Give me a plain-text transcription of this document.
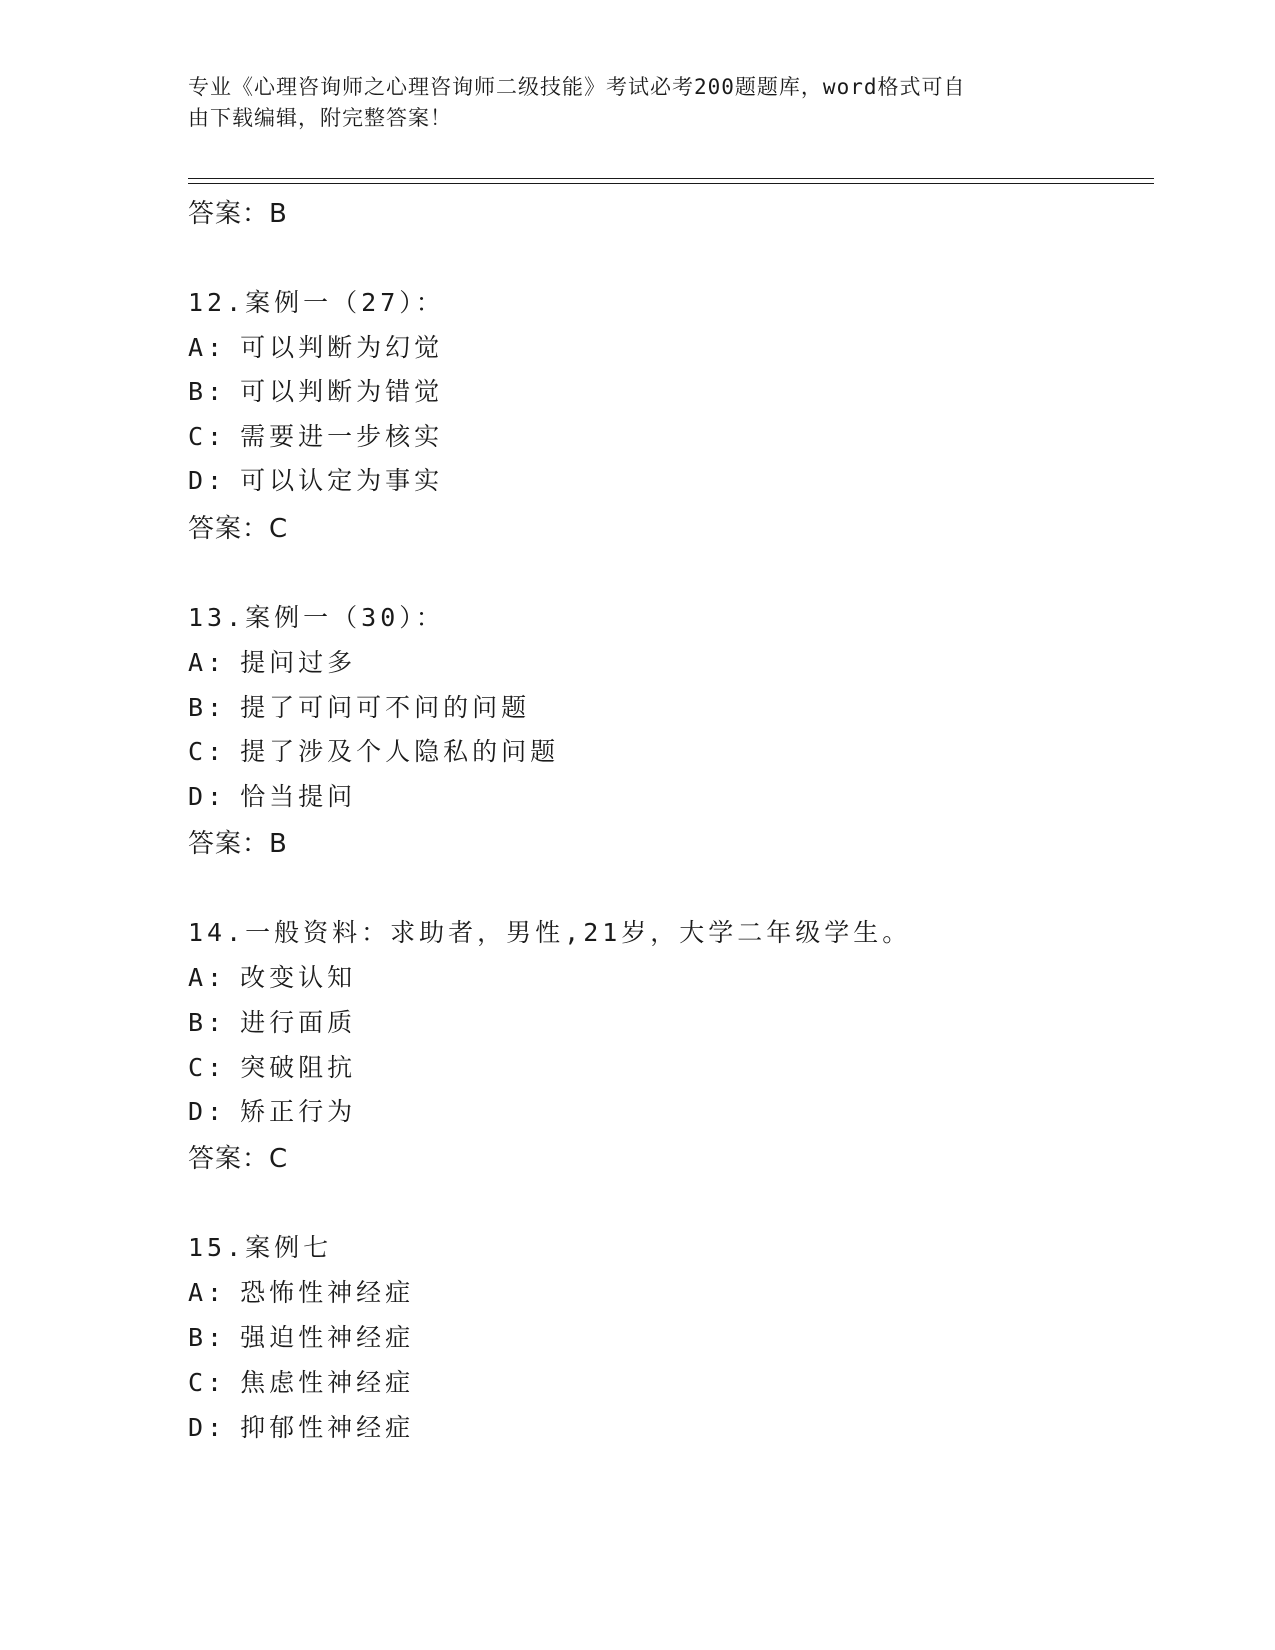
专业《心理咨询师之心理咨询师二级技能》考试必考200题题库，word格式可自
由下载编辑，附完整答案！
答案：B
12.案例一（27）：
A: 可以判断为幻觉
B: 可以判断为错觉
C: 需要进一步核实
D: 可以认定为事实
答案：C
13.案例一（30）：
A: 提问过多
B: 提了可问可不问的问题
C: 提了涉及个人隐私的问题
D: 恰当提问
答案：B
14.一般资料：求助者，男性,21岁，大学二年级学生。
A: 改变认知
B: 进行面质
C: 突破阻抗
D: 矫正行为
答案：C
15.案例七
A: 恐怖性神经症
B: 强迫性神经症
C: 焦虑性神经症
D: 抑郁性神经症
